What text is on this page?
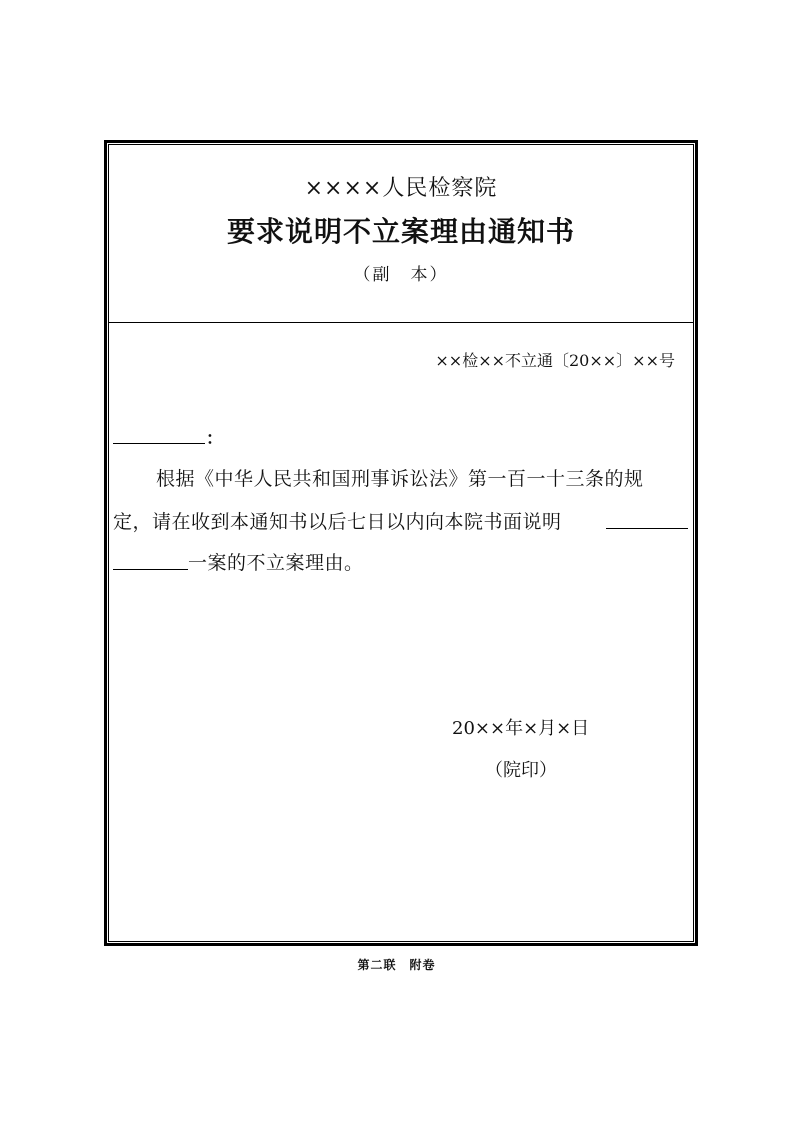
××××人民检察院
要求说明不立案理由通知书
（副　本）
××检××不立通〔20××〕××号
：
根据《中华人民共和国刑事诉讼法》第一百一十三条的规
定，请在收到本通知书以后七日以内向本院书面说明
一案的不立案理由。
20××年×月×日
（院印）
第二联　附卷
